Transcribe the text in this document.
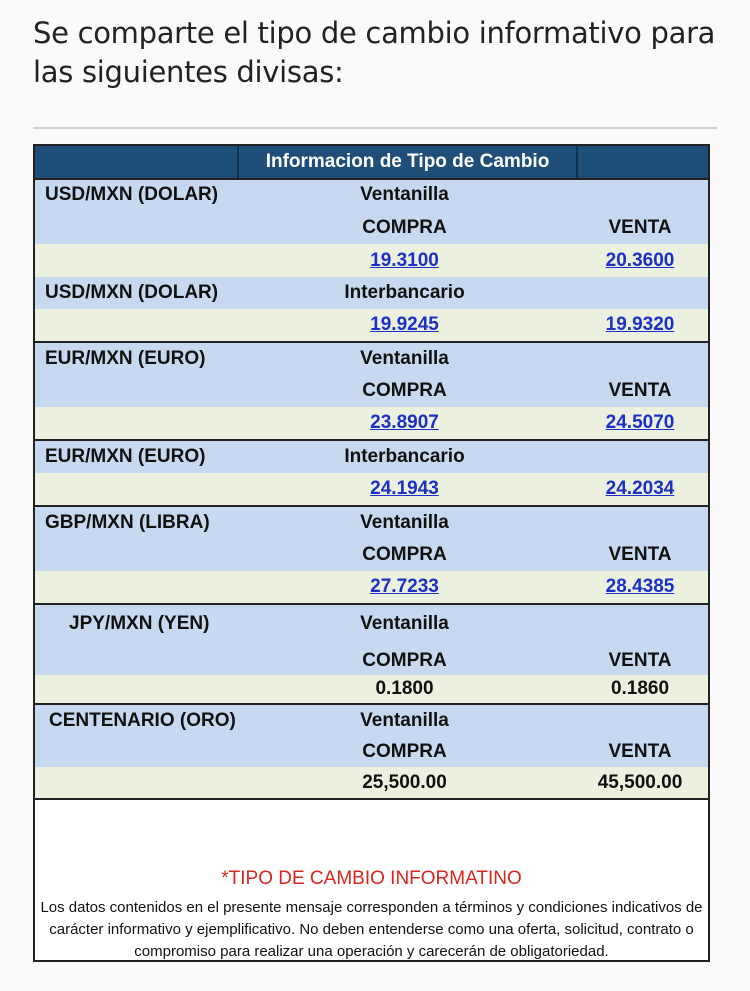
Se comparte el tipo de cambio informativo para las siguientes divisas:
Informacion de Tipo de Cambio
USD/MXN (DOLAR)	Ventanilla
COMPRA	VENTA
19.3100	20.3600
USD/MXN (DOLAR)	Interbancario
19.9245	19.9320
EUR/MXN (EURO)	Ventanilla
COMPRA	VENTA
23.8907	24.5070
EUR/MXN (EURO)	Interbancario
24.1943	24.2034
GBP/MXN (LIBRA)	Ventanilla
COMPRA	VENTA
27.7233	28.4385
JPY/MXN (YEN)	Ventanilla
COMPRA	VENTA
0.1800	0.1860
CENTENARIO (ORO)	Ventanilla
COMPRA	VENTA
25,500.00	45,500.00
*TIPO DE CAMBIO INFORMATINO
Los datos contenidos en el presente mensaje corresponden a términos y condiciones indicativos de carácter informativo y ejemplificativo. No deben entenderse como una oferta, solicitud, contrato o compromiso para realizar una operación y carecerán de obligatoriedad.
